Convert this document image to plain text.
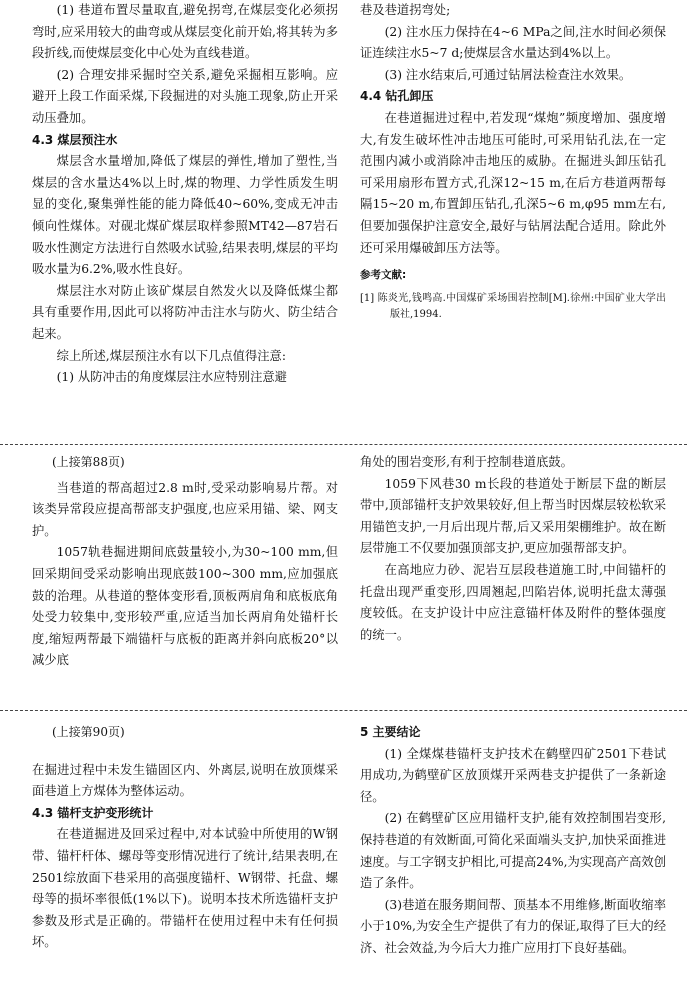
(1) 巷道布置尽量取直,避免拐弯,在煤层变化必须拐弯时,应采用较大的曲弯或从煤层变化前开始,将其转为多段折线,而使煤层变化中心处为直线巷道。

(2) 合理安排采掘时空关系,避免采掘相互影响。应避开上段工作面采煤,下段掘进的对头施工现象,防止开采动压叠加。

4.3 煤层预注水

煤层含水量增加,降低了煤层的弹性,增加了塑性,当煤层的含水量达4%以上时,煤的物理、力学性质发生明显的变化,聚集弹性能的能力降低40~60%,变成无冲击倾向性煤体。对砚北煤矿煤层取样参照MT42—87岩石吸水性测定方法进行自然吸水试验,结果表明,煤层的平均吸水量为6.2%,吸水性良好。

煤层注水对防止该矿煤层自然发火以及降低煤尘都具有重要作用,因此可以将防冲击注水与防火、防尘结合起来。

综上所述,煤层预注水有以下几点值得注意:

(1) 从防冲击的角度煤层注水应特别注意避

巷及巷道拐弯处;

(2) 注水压力保持在4~6 MPa之间,注水时间必须保证连续注水5~7 d;使煤层含水量达到4%以上。

(3) 注水结束后,可通过钻屑法检查注水效果。

4.4 钻孔卸压

在巷道掘进过程中,若发现“煤炮”频度增加、强度增大,有发生破坏性冲击地压可能时,可采用钻孔法,在一定范围内减小或消除冲击地压的威胁。在掘进头卸压钻孔可采用扇形布置方式,孔深12~15 m,在后方巷道两帮每隔15~20 m,布置卸压钻孔,孔深5~6 m,φ95 mm左右,但要加强保护注意安全,最好与钻屑法配合适用。除此外还可采用爆破卸压方法等。

参考文献:

[1] 陈炎光,钱鸣高.中国煤矿采场围岩控制[M].徐州:中国矿业大学出版社,1994.

(上接第88页)

当巷道的帮高超过2.8 m时,受采动影响易片帮。对该类异常段应提高帮部支护强度,也应采用锚、梁、网支护。

1057轨巷掘进期间底鼓量较小,为30~100 mm,但回采期间受采动影响出现底鼓100~300 mm,应加强底鼓的治理。从巷道的整体变形看,顶板两肩角和底板底角处受力较集中,变形较严重,应适当加长两肩角处锚杆长度,缩短两帮最下端锚杆与底板的距离并斜向底板20°以减少底

角处的围岩变形,有利于控制巷道底鼓。

1059下风巷30 m长段的巷道处于断层下盘的断层带中,顶部锚杆支护效果较好,但上帮当时因煤层较松软采用锚笆支护,一月后出现片帮,后又采用架棚维护。故在断层带施工不仅要加强顶部支护,更应加强帮部支护。

在高地应力砂、泥岩互层段巷道施工时,中间锚杆的托盘出现严重变形,四周翘起,凹陷岩体,说明托盘太薄强度较低。在支护设计中应注意锚杆体及附件的整体强度的统一。

(上接第90页)

在掘进过程中未发生锚固区内、外离层,说明在放顶煤采面巷道上方煤体为整体运动。

4.3 锚杆支护变形统计

在巷道掘进及回采过程中,对本试验中所使用的W钢带、锚杆杆体、螺母等变形情况进行了统计,结果表明,在2501综放面下巷采用的高强度锚杆、W钢带、托盘、螺母等的损坏率很低(1%以下)。说明本技术所选锚杆支护参数及形式是正确的。带锚杆在使用过程中未有任何损坏。

5 主要结论

(1) 全煤煤巷锚杆支护技术在鹤壁四矿2501下巷试用成功,为鹤壁矿区放顶煤开采两巷支护提供了一条新途径。

(2) 在鹤壁矿区应用锚杆支护,能有效控制围岩变形,保持巷道的有效断面,可简化采面端头支护,加快采面推进速度。与工字钢支护相比,可提高24%,为实现高产高效创造了条件。

(3)巷道在服务期间帮、顶基本不用维修,断面收缩率小于10%,为安全生产提供了有力的保证,取得了巨大的经济、社会效益,为今后大力推广应用打下良好基础。
